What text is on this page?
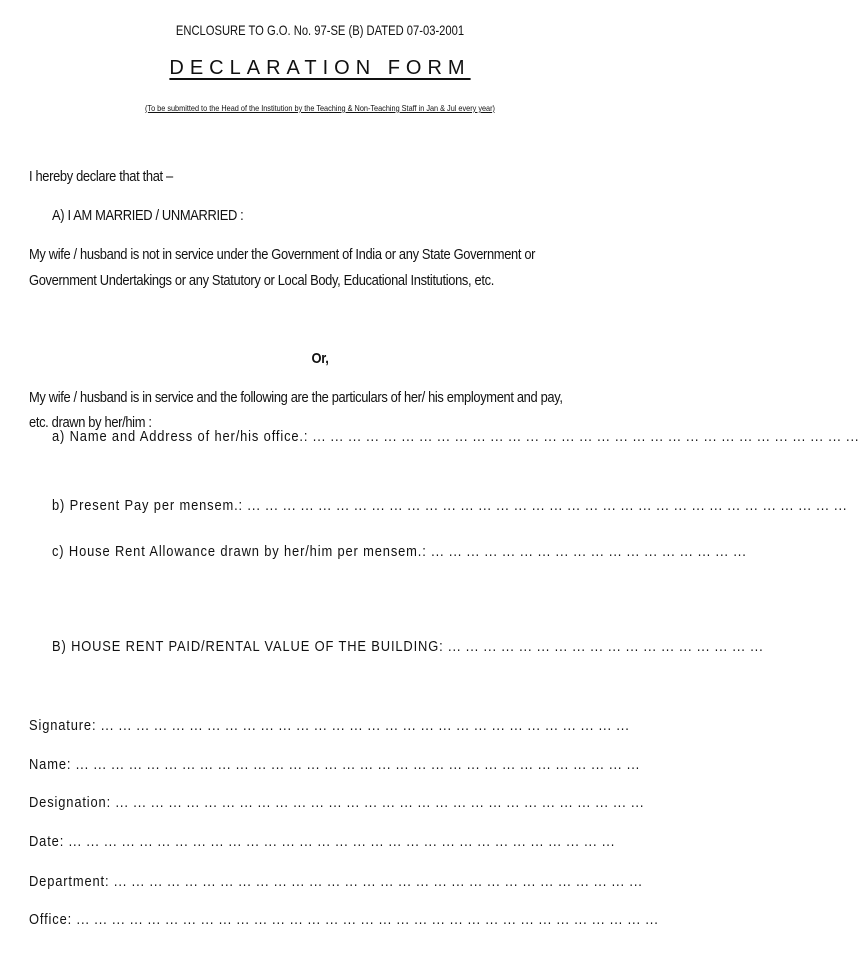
ENCLOSURE TO G.O. No. 97-SE (B) DATED 07-03-2001
DECLARATION FORM
(To be submitted to the Head of the Institution by the Teaching & Non-Teaching Staff in Jan & Jul every year)
I hereby declare that that –
A) I AM MARRIED / UNMARRIED :
My wife / husband is not in service under the Government of India or any State Government or
Government Undertakings or any Statutory or Local Body, Educational Institutions, etc.
Or,
My wife / husband is in service and the following are the particulars of her/ his employment and pay,
etc. drawn by her/him :
a) Name and Address of her/his office.: ... ... ... ... ... ... ... ... ... ... ... ... ... ... ... ... ... ... ... ... ... ... ... ... ... ... ... ... ... ... ...
b) Present Pay per mensem.: ... ... ... ... ... ... ... ... ... ... ... ... ... ... ... ... ... ... ... ... ... ... ... ... ... ... ... ... ... ... ... ... ... ...
c) House Rent Allowance drawn by her/him per mensem.: ... ... ... ... ... ... ... ... ... ... ... ... ... ... ... ... ... ...
B) HOUSE RENT PAID/RENTAL VALUE OF THE BUILDING: ... ... ... ... ... ... ... ... ... ... ... ... ... ... ... ... ... ...
Signature: ... ... ... ... ... ... ... ... ... ... ... ... ... ... ... ... ... ... ... ... ... ... ... ... ... ... ... ... ... ...
Name: ... ... ... ... ... ... ... ... ... ... ... ... ... ... ... ... ... ... ... ... ... ... ... ... ... ... ... ... ... ... ... ...
Designation: ... ... ... ... ... ... ... ... ... ... ... ... ... ... ... ... ... ... ... ... ... ... ... ... ... ... ... ... ... ...
Date: ... ... ... ... ... ... ... ... ... ... ... ... ... ... ... ... ... ... ... ... ... ... ... ... ... ... ... ... ... ... ...
Department: ... ... ... ... ... ... ... ... ... ... ... ... ... ... ... ... ... ... ... ... ... ... ... ... ... ... ... ... ... ...
Office: ... ... ... ... ... ... ... ... ... ... ... ... ... ... ... ... ... ... ... ... ... ... ... ... ... ... ... ... ... ... ... ... ...
